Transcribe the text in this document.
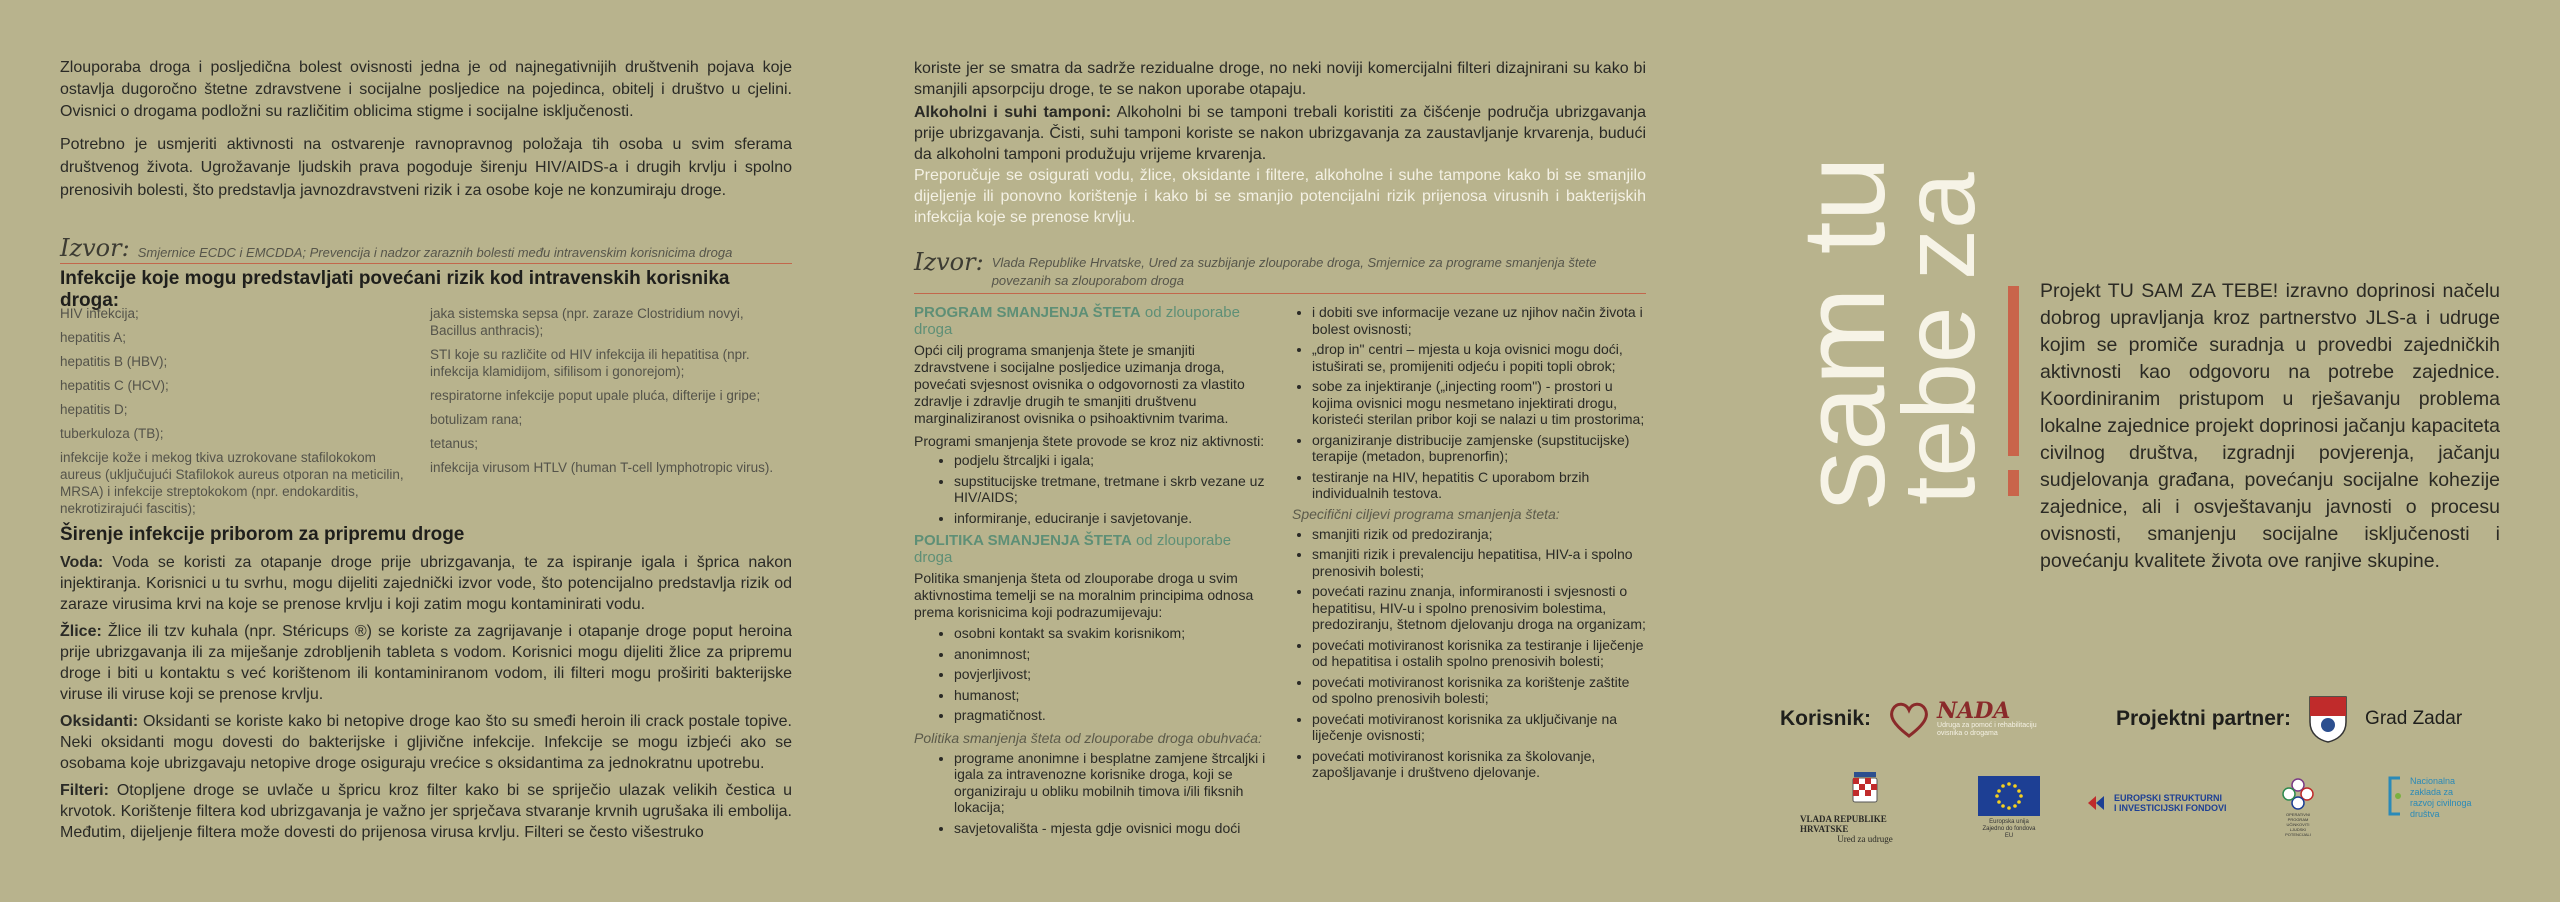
Zlouporaba droga i posljedična bolest ovisnosti jedna je od najnegativnijih društvenih pojava koje ostavlja dugoročno štetne zdravstvene i socijalne posljedice na pojedinca, obitelj i društvo u cjelini. Ovisnici o drogama podložni su različitim oblicima stigme i socijalne isključenosti.

Potrebno je usmjeriti aktivnosti na ostvarenje ravnopravnog položaja tih osoba u svim sferama društvenog života. Ugrožavanje ljudskih prava pogoduje širenju HIV/AIDS-a i drugih krvlju i spolno prenosivih bolesti, što predstavlja javnozdravstveni rizik i za osobe koje ne konzumiraju droge.

Izvor: Smjernice ECDC i EMCDDA; Prevencija i nadzor zaraznih bolesti među intravenskim korisnicima droga
Infekcije koje mogu predstavljati povećani rizik kod intravenskih korisnika droga:
HIV infekcija;
hepatitis A;
hepatitis B (HBV);
hepatitis C (HCV);
hepatitis D;
tuberkuloza (TB);
infekcije kože i mekog tkiva uzrokovane stafilokokom aureus (uključujući Stafilokok aureus otporan na meticilin, MRSA) i infekcije streptokokom (npr. endokarditis, nekrotizirajući fascitis);
jaka sistemska sepsa (npr. zaraze Clostridium novyi, Bacillus anthracis);
STI koje su različite od HIV infekcija ili hepatitisa (npr. infekcija klamidijom, sifilisom i gonorejom);
respiratorne infekcije poput upale pluća, difterije i gripe;
botulizam rana;
tetanus;
infekcija virusom HTLV (human T-cell lymphotropic virus).
Širenje infekcije priborom za pripremu droge

Voda: Voda se koristi za otapanje droge prije ubrizgavanja, te za ispiranje igala i šprica nakon injektiranja. Korisnici u tu svrhu, mogu dijeliti zajednički izvor vode, što potencijalno predstavlja rizik od zaraze virusima krvi na koje se prenose krvlju i koji zatim mogu kontaminirati vodu.

Žlice: Žlice ili tzv kuhala (npr. Stéricups ®) se koriste za zagrijavanje i otapanje droge poput heroina prije ubrizgavanja ili za miješanje zdrobljenih tableta s vodom. Korisnici mogu dijeliti žlice za pripremu droge i biti u kontaktu s već korištenom ili kontaminiranom vodom, ili filteri mogu proširiti bakterijske viruse ili viruse koji se prenose krvlju.

Oksidanti: Oksidanti se koriste kako bi netopive droge kao što su smeđi heroin ili crack postale topive. Neki oksidanti mogu dovesti do bakterijske i gljivične infekcije. Infekcije se mogu izbjeći ako se osobama koje ubrizgavaju netopive droge osiguraju vrećice s oksidantima za jednokratnu upotrebu.

Filteri: Otopljene droge se uvlače u špricu kroz filter kako bi se spriječio ulazak velikih čestica u krvotok. Korištenje filtera kod ubrizgavanja je važno jer sprječava stvaranje krvnih ugrušaka ili embolija. Međutim, dijeljenje filtera može dovesti do prijenosa virusa krvlju. Filteri se često višestruko

koriste jer se smatra da sadrže rezidualne droge, no neki noviji komercijalni filteri dizajnirani su kako bi smanjili apsorpciju droge, te se nakon uporabe otapaju.

Alkoholni i suhi tamponi: Alkoholni bi se tamponi trebali koristiti za čišćenje područja ubrizgavanja prije ubrizgavanja. Čisti, suhi tamponi koriste se nakon ubrizgavanja za zaustavljanje krvarenja, budući da alkoholni tamponi produžuju vrijeme krvarenja.

Preporučuje se osigurati vodu, žlice, oksidante i filtere, alkoholne i suhe tampone kako bi se smanjilo dijeljenje ili ponovno korištenje i kako bi se smanjio potencijalni rizik prijenosa virusnih i bakterijskih infekcija koje se prenose krvlju.

Izvor: Vlada Republike Hrvatske, Ured za suzbijanje zlouporabe droga, Smjernice za programe smanjenja štete povezanih sa zlouporabom droga
PROGRAM SMANJENJA ŠTETA od zlouporabe droga

Opći cilj programa smanjenja štete je smanjiti zdravstvene i socijalne posljedice uzimanja droga, povećati svjesnost ovisnika o odgovornosti za vlastito zdravlje i zdravlje drugih te smanjiti društvenu marginaliziranost ovisnika o psihoaktivnim tvarima.

Programi smanjenja štete provode se kroz niz aktivnosti:

• podjelu štrcaljki i igala;
• supstitucijske tretmane, tretmane i skrb vezane uz HIV/AIDS;
• informiranje, educiranje i savjetovanje.
POLITIKA SMANJENJA ŠTETA od zlouporabe droga

Politika smanjenja šteta od zlouporabe droga u svim aktivnostima temelji se na moralnim principima odnosa prema korisnicima koji podrazumijevaju:

• osobni kontakt sa svakim korisnikom;
• anonimnost;
• povjerljivost;
• humanost;
• pragmatičnost.

Politika smanjenja šteta od zlouporabe droga obuhvaća:

• programe anonimne i besplatne zamjene štrcaljki i igala za intravenozne korisnike droga, koji se organiziraju u obliku mobilnih timova i/ili fiksnih lokacija;
• savjetovališta - mjesta gdje ovisnici mogu doći
• i dobiti sve informacije vezane uz njihov način života i bolest ovisnosti;
• „drop in" centri – mjesta u koja ovisnici mogu doći, istuširati se, promijeniti odjeću i popiti topli obrok;
• sobe za injektiranje („injecting room") - prostori u kojima ovisnici mogu nesmetano injektirati drogu, koristeći sterilan pribor koji se nalazi u tim prostorima;
• organiziranje distribucije zamjenske (supstitucijske) terapije (metadon, buprenorfin);
• testiranje na HIV, hepatitis C uporabom brzih individualnih testova.

Specifični ciljevi programa smanjenja šteta:

• smanjiti rizik od predoziranja;
• smanjiti rizik i prevalenciju hepatitisa, HIV-a i spolno prenosivih bolesti;
• povećati razinu znanja, informiranosti i svjesnosti o hepatitisu, HIV-u i spolno prenosivim bolestima, predoziranju, štetnom djelovanju droga na organizam;
• povećati motiviranost korisnika za testiranje i liječenje od hepatitisa i ostalih spolno prenosivih bolesti;
• povećati motiviranost korisnika za korištenje zaštite od spolno prenosivih bolesti;
• povećati motiviranost korisnika za uključivanje na liječenje ovisnosti;
• povećati motiviranost korisnika za školovanje, zapošljavanje i društveno djelovanje.
sam tu
za
tebe

Projekt TU SAM ZA TEBE! izravno doprinosi načelu dobrog upravljanja kroz partnerstvo JLS-a i udruge kojim se promiče suradnja u provedbi zajedničkih aktivnosti kao odgovoru na potrebe zajednice. Koordiniranim pristupom u rješavanju problema lokalne zajednice projekt doprinosi jačanju kapaciteta civilnog društva, izgradnji povjerenja, jačanju sudjelovanja građana, povećanju socijalne kohezije zajednice, ali i osvještavanju javnosti o procesu ovisnosti, smanjenju socijalne isključenosti i povećanju kvalitete života ove ranjive skupine.

Korisnik:	NADA
Udruga za pomoć i rehabilitaciju ovisnika o drogama
Projektni partner:	Grad Zadar
VLADA REPUBLIKE HRVATSKE
Ured za udruge
Europska unija Zajedno do fondova EU
EUROPSKI STRUKTURNI
I INVESTICIJSKI FONDOVI
OPERATIVNI PROGRAM UČINKOVITI LJUDSKI POTENCIJALI
Nacionalna zaklada za razvoj civilnoga društva
